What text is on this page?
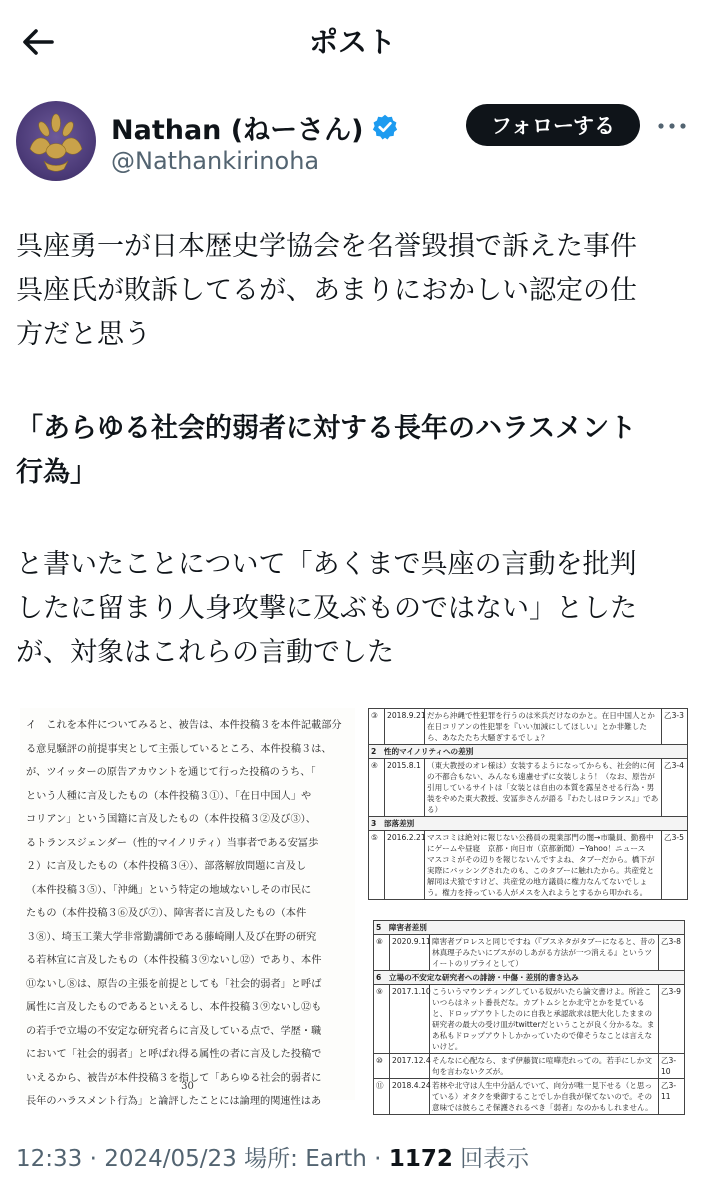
ポスト
Nathan (ねーさん)
@Nathankirinoha
フォローする

呉座勇一が日本歴史学協会を名誉毀損で訴えた事件
呉座氏が敗訴してるが、あまりにおかしい認定の仕
方だと思う

「あらゆる社会的弱者に対する長年のハラスメント
行為」

と書いたことについて「あくまで呉座の言動を批判
したに留まり人身攻撃に及ぶものではない」とした
が、対象はこれらの言動でした

イ　これを本件についてみると、被告は、本件投稿３を本件記載部分
る意見騒評の前提事実として主張しているところ、本件投稿３は、
が、ツイッターの原告アカウントを通じて行った投稿のうち、「
という人種に言及したもの（本件投稿３①）、「在日中国人」や
コリアン」という国籍に言及したもの（本件投稿３②及び③）、
るトランスジェンダー（性的マイノリティ）当事者である安冨歩
２）に言及したもの（本件投稿３④）、部落解放問題に言及し
（本件投稿３⑤）、「沖縄」という特定の地域ないしその市民に
たもの（本件投稿３⑥及び⑦）、障害者に言及したもの（本件
３⑧）、埼玉工業大学非常勤講師である藤崎剛人及び在野の研究
る若林宣に言及したもの（本件投稿３⑨ないし⑫）であり、本件
⑪ないし⑧は、原告の主張を前提としても「社会的弱者」と呼ば
属性に言及したものであるといえるし、本件投稿３⑨ないし⑫も
の若手で立場の不安定な研究者らに言及している点で、学歴・職
において「社会的弱者」と呼ばれ得る属性の者に言及した投稿で
いえるから、被告が本件投稿３を指して「あらゆる社会的弱者に
長年のハラスメント行為」と論評したことには論理的関連性はあ
30
③	2018.9.21	だから沖縄で性犯罪を行うのは米兵だけなのかと。在日中国人とか在日コリアンの性犯罪を『いい加減にしてほしい』とか非難したら、あなたたち大騒ぎするでしょ？	乙3-3
2　性的マイノリティへの差別			
④	2015.8.1	（東大教授のオレ様は）女装するようになってからも、社会的に何の不都合もない、みんなも遠慮せずに女装しよう！（なお、原告が引用しているサイトは「女装とは自由の本質を露呈させる行為・男装をやめた東大教授、安冨歩さんが語る『わたしはロランス』」である）	乙3-4
3　部落差別			
⑤	2016.2.21	マスコミは絶対に報じない公務員の現業部門の闇→市職員、勤務中にゲームや昼寝　京都・向日市（京都新聞）−Yahoo！ニュース　マスコミがその辺りを報じないんですよね、タブーだから。橋下が実際にバッシングされたのも、このタブーに触れたから。共産党と解同は犬猿ですけど、共産党の地方議員に権力なんてないでしょう。権力を持っている人がメスを入れようとするから叩かれる。	乙3-5
5　障害者差別			
⑧	2020.9.11	障害者プロレスと同じですね（『ブスネタがタブーになると、昔の林真理子みたいにブスがのしあがる方法が一つ消える』というツイートのリプライとして）	乙3-8
6　立場の不安定な研究者への誹謗・中傷・差別的書き込み			
⑨	2017.1.10	こういうマウンティングしている奴がいたら論文書けよ。所詮こいつらはネット番長だな。カブトムシとか北守とかを見ていると、ドロップアウトしたのに自我と承認欲求は肥大化したままの研究者の最大の受け皿がtwitterだということが良く分かるな。まあ私もドロップアウトしかかっていたので偉そうなことは言えないけど。	乙3-9
⑩	2017.12.4	そんなに心配なら、まず伊藤賀に喧嘩売れっての。若手にしか文句を言わないクズが。	乙3-10
⑪	2018.4.24	若林や北守は人生中分話んでいて、向分が唯一見下せる（と思っている）オタクを乗御することでしか自我が保てないので。その意味では彼らこそ保護されるべき「弱者」なのかもしれません。	乙3-11
12:33 · 2024/05/23 場所: Earth · 1172 回表示
